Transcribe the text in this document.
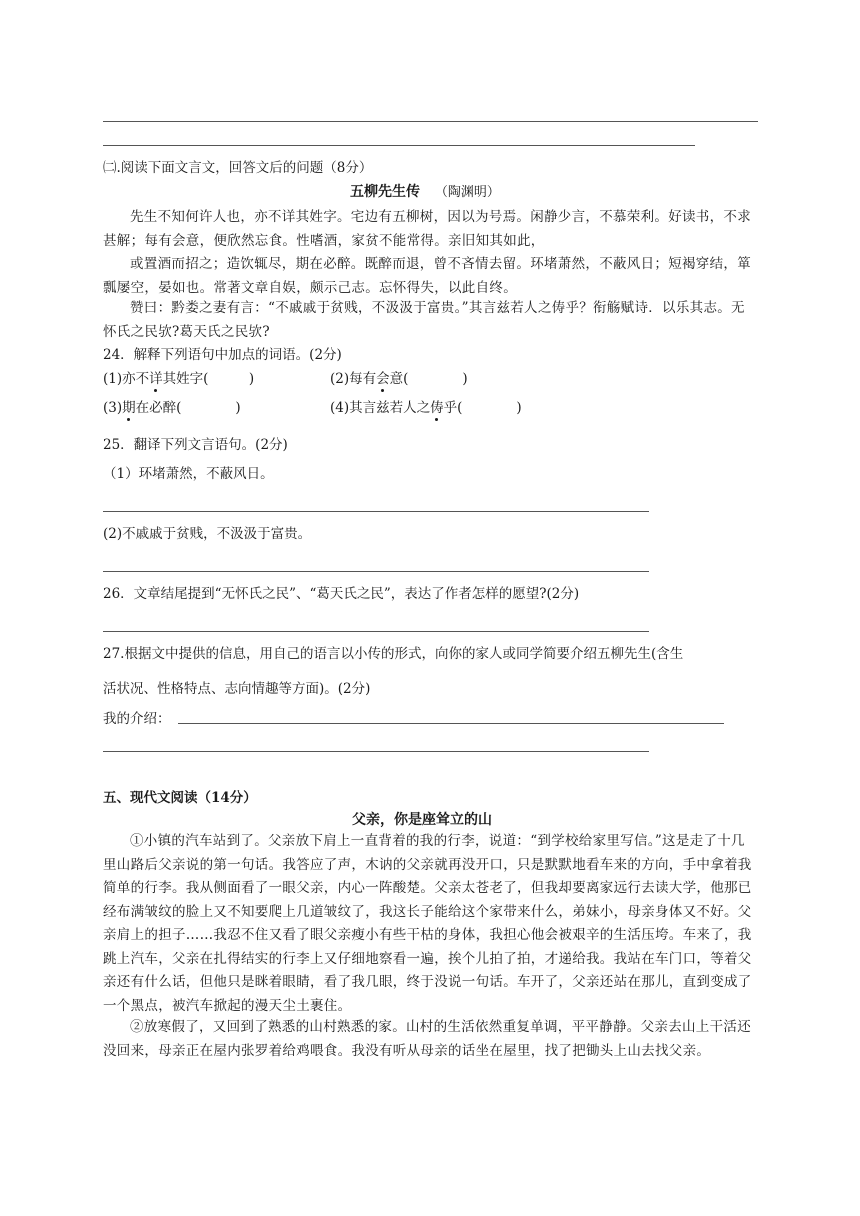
㈡.阅读下面文言文，回答文后的问题（8分）
五柳先生传 （陶渊明）
先生不知何许人也，亦不详其姓字。宅边有五柳树，因以为号焉。闲静少言，不慕荣利。好读书，不求甚解；每有会意，便欣然忘食。性嗜酒，家贫不能常得。亲旧知其如此，
或置酒而招之；造饮辄尽，期在必醉。既醉而退，曾不吝情去留。环堵萧然，不蔽风日；短褐穿结，箪瓢屡空，晏如也。常著文章自娱，颇示己志。忘怀得失，以此自终。
赞曰：黔娄之妻有言：“不戚戚于贫贱，不汲汲于富贵。”其言兹若人之俦乎？衔觞赋诗．以乐其志。无怀氏之民欤?葛天氏之民欤?
24．解释下列语句中加点的词语。(2分)
(1)亦不详其姓字(　　　)	(2)每有会意(　　　　)
(3)期在必醉(　　　　)	(4)其言兹若人之俦乎(　　　　)
25．翻译下列文言语句。(2分)
（1）环堵萧然，不蔽风日。
(2)不戚戚于贫贱，不汲汲于富贵。
26．文章结尾提到“无怀氏之民”、“葛天氏之民”，表达了作者怎样的愿望?(2分)
27.根据文中提供的信息，用自己的语言以小传的形式，向你的家人或同学简要介绍五柳先生(含生
活状况、性格特点、志向情趣等方面)。(2分)
我的介绍：
五、现代文阅读（14分）
父亲，你是座耸立的山
①小镇的汽车站到了。父亲放下肩上一直背着的我的行李，说道：“到学校给家里写信。”这是走了十几里山路后父亲说的第一句话。我答应了声，木讷的父亲就再没开口，只是默默地看车来的方向，手中拿着我简单的行李。我从侧面看了一眼父亲，内心一阵酸楚。父亲太苍老了，但我却要离家远行去读大学，他那已经布满皱纹的脸上又不知要爬上几道皱纹了，我这长子能给这个家带来什么，弟妹小，母亲身体又不好。父亲肩上的担子……我忍不住又看了眼父亲瘦小有些干枯的身体，我担心他会被艰辛的生活压垮。车来了，我跳上汽车，父亲在扎得结实的行李上又仔细地察看一遍，挨个儿拍了拍，才递给我。我站在车门口，等着父亲还有什么话，但他只是眯着眼睛，看了我几眼，终于没说一句话。车开了，父亲还站在那儿，直到变成了一个黑点，被汽车掀起的漫天尘土裹住。
②放寒假了，又回到了熟悉的山村熟悉的家。山村的生活依然重复单调，平平静静。父亲去山上干活还没回来，母亲正在屋内张罗着给鸡喂食。我没有听从母亲的话坐在屋里，找了把锄头上山去找父亲。
